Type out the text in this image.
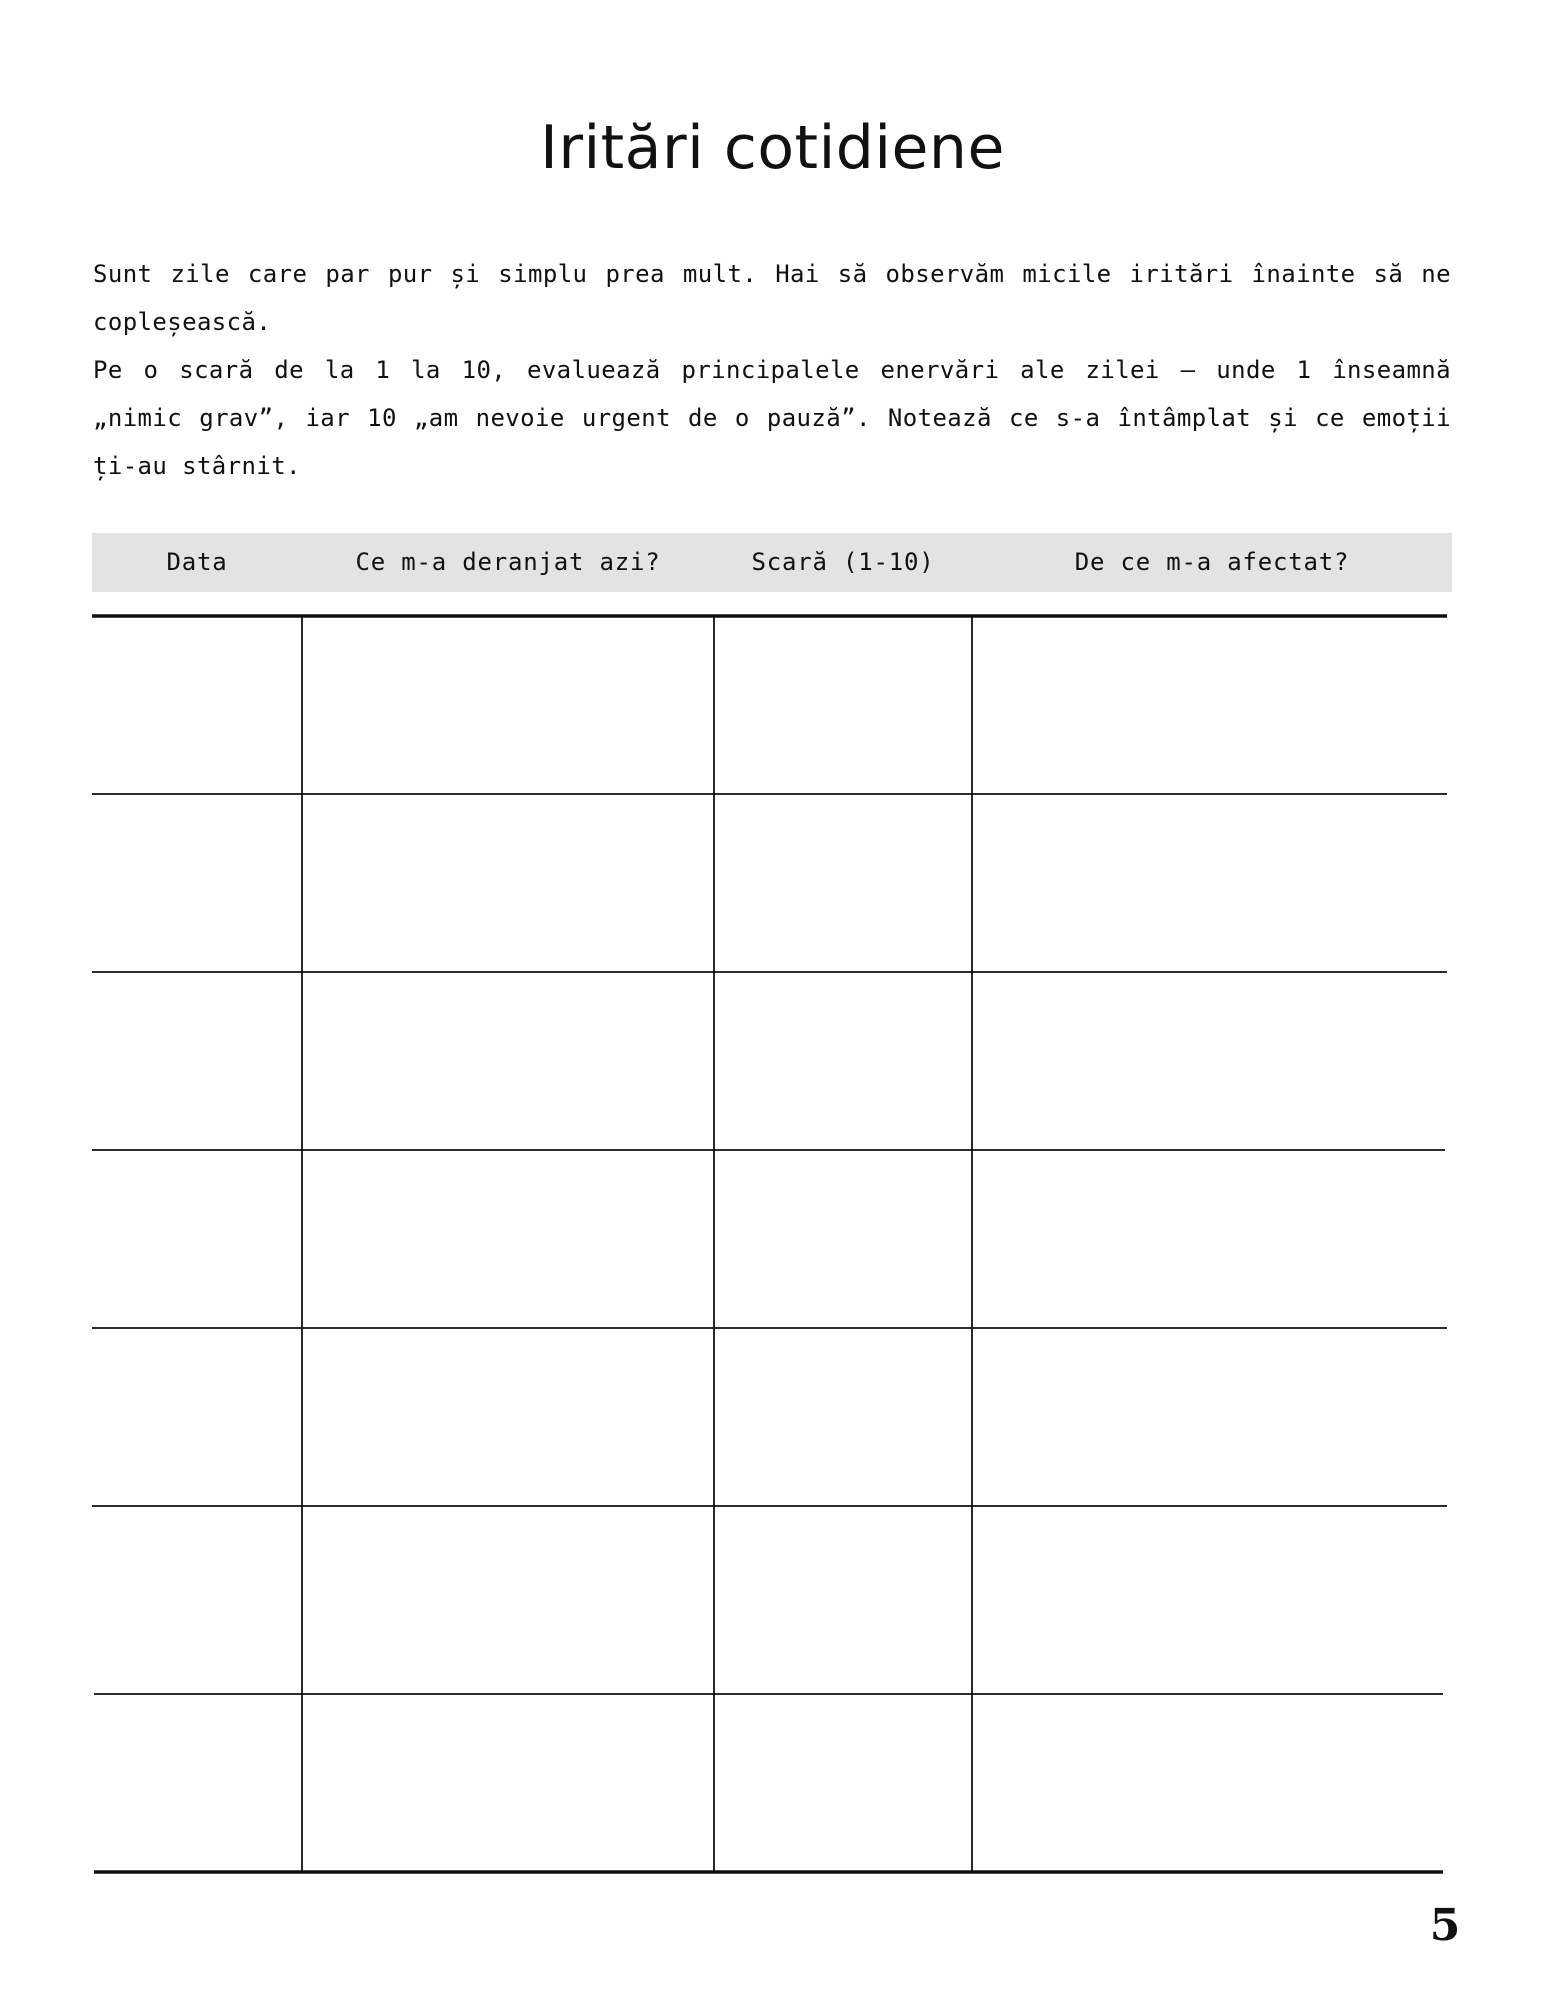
Iritări cotidiene

Sunt zile care par pur și simplu prea mult. Hai să observăm micile iritări înainte să ne copleșească.

Pe o scară de la 1 la 10, evaluează principalele enervări ale zilei — unde 1 înseamnă „nimic grav”, iar 10 „am nevoie urgent de o pauză”. Notează ce s-a întâmplat și ce emoții ți-au stârnit.

Data	Ce m-a deranjat azi?	Scară (1-10)	De ce m-a afectat?
5
